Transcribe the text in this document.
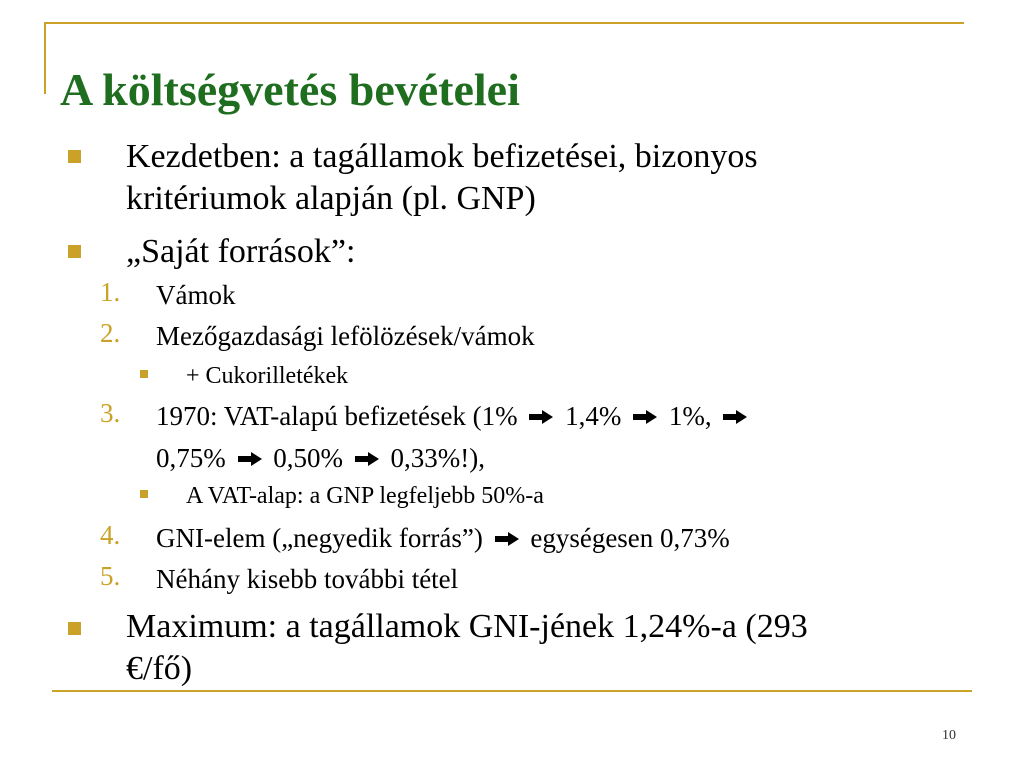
A költségvetés bevételei
Kezdetben: a tagállamok befizetései, bizonyos
kritériumok alapján (pl. GNP)
„Saját források”:
1. Vámok
2. Mezőgazdasági lefölözések/vámok
+ Cukorilletékek
3. 1970: VAT-alapú befizetések (1% 1,4% 1%,
0,75% 0,50% 0,33%!),
A VAT-alap: a GNP legfeljebb 50%-a
4. GNI-elem („negyedik forrás”) egységesen 0,73%
5. Néhány kisebb további tétel
Maximum: a tagállamok GNI-jének 1,24%-a (293
€/fő)
10
